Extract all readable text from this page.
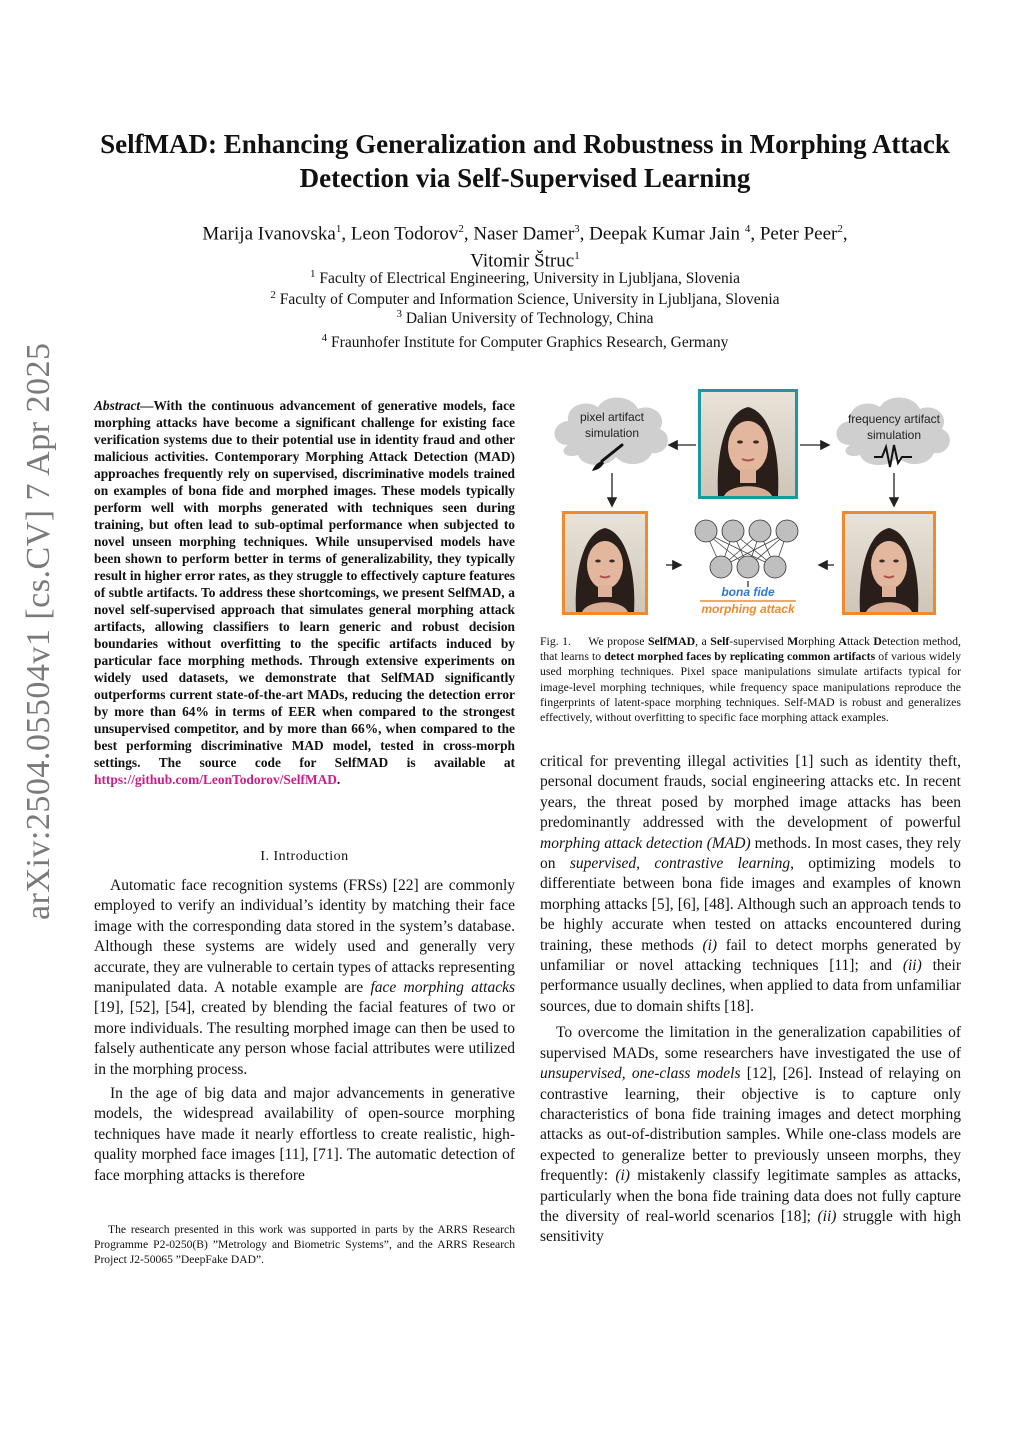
arXiv:2504.05504v1 [cs.CV] 7 Apr 2025
SelfMAD: Enhancing Generalization and Robustness in Morphing Attack Detection via Self-Supervised Learning
Marija Ivanovska$^1$, Leon Todorov$^2$, Naser Damer$^3$, Deepak Kumar Jain $^4$, Peter Peer$^2$,
Vitomir Štruc$^1$
$^1$ Faculty of Electrical Engineering, University in Ljubljana, Slovenia
$^2$ Faculty of Computer and Information Science, University in Ljubljana, Slovenia
$^3$ Dalian University of Technology, China
$^4$ Fraunhofer Institute for Computer Graphics Research, Germany
Abstract—With the continuous advancement of generative models, face morphing attacks have become a significant challenge for existing face verification systems due to their potential use in identity fraud and other malicious activities. Contemporary Morphing Attack Detection (MAD) approaches frequently rely on supervised, discriminative models trained on examples of bona fide and morphed images. These models typically perform well with morphs generated with techniques seen during training, but often lead to sub-optimal performance when subjected to novel unseen morphing techniques. While unsupervised models have been shown to perform better in terms of generalizability, they typically result in higher error rates, as they struggle to effectively capture features of subtle artifacts. To address these shortcomings, we present SelfMAD, a novel self-supervised approach that simulates general morphing attack artifacts, allowing classifiers to learn generic and robust decision boundaries without overfitting to the specific artifacts induced by particular face morphing methods. Through extensive experiments on widely used datasets, we demonstrate that SelfMAD significantly outperforms current state-of-the-art MADs, reducing the detection error by more than 64% in terms of EER when compared to the strongest unsupervised competitor, and by more than 66%, when compared to the best performing discriminative MAD model, tested in cross-morph settings. The source code for SelfMAD is available at https://github.com/LeonTodorov/SelfMAD.
I. Introduction

Automatic face recognition systems (FRSs) [22] are commonly employed to verify an individual’s identity by matching their face image with the corresponding data stored in the system’s database. Although these systems are widely used and generally very accurate, they are vulnerable to certain types of attacks representing manipulated data. A notable example are face morphing attacks [19], [52], [54], created by blending the facial features of two or more individuals. The resulting morphed image can then be used to falsely authenticate any person whose facial attributes were utilized in the morphing process.

In the age of big data and major advancements in generative models, the widespread availability of open-source morphing techniques have made it nearly effortless to create realistic, high-quality morphed face images [11], [71]. The automatic detection of face morphing attacks is therefore

The research presented in this work was supported in parts by the ARRS Research Programme P2-0250(B) ”Metrology and Biometric Systems”, and the ARRS Research Project J2-50065 ”DeepFake DAD”.

pixel artifact
simulation
frequency artifact
simulation
bona fide
morphing attack
Fig. 1. We propose SelfMAD, a Self-supervised Morphing Attack Detection method, that learns to detect morphed faces by replicating common artifacts of various widely used morphing techniques. Pixel space manipulations simulate artifacts typical for image-level morphing techniques, while frequency space manipulations reproduce the fingerprints of latent-space morphing techniques. Self-MAD is robust and generalizes effectively, without overfitting to specific face morphing attack examples.

critical for preventing illegal activities [1] such as identity theft, personal document frauds, social engineering attacks etc. In recent years, the threat posed by morphed image attacks has been predominantly addressed with the development of powerful morphing attack detection (MAD) methods. In most cases, they rely on supervised, contrastive learning, optimizing models to differentiate between bona fide images and examples of known morphing attacks [5], [6], [48]. Although such an approach tends to be highly accurate when tested on attacks encountered during training, these methods (i) fail to detect morphs generated by unfamiliar or novel attacking techniques [11]; and (ii) their performance usually declines, when applied to data from unfamiliar sources, due to domain shifts [18].

To overcome the limitation in the generalization capabilities of supervised MADs, some researchers have investigated the use of unsupervised, one-class models [12], [26]. Instead of relaying on contrastive learning, their objective is to capture only characteristics of bona fide training images and detect morphing attacks as out-of-distribution samples. While one-class models are expected to generalize better to previously unseen morphs, they frequently: (i) mistakenly classify legitimate samples as attacks, particularly when the bona fide training data does not fully capture the diversity of real-world scenarios [18]; (ii) struggle with high sensitivity
